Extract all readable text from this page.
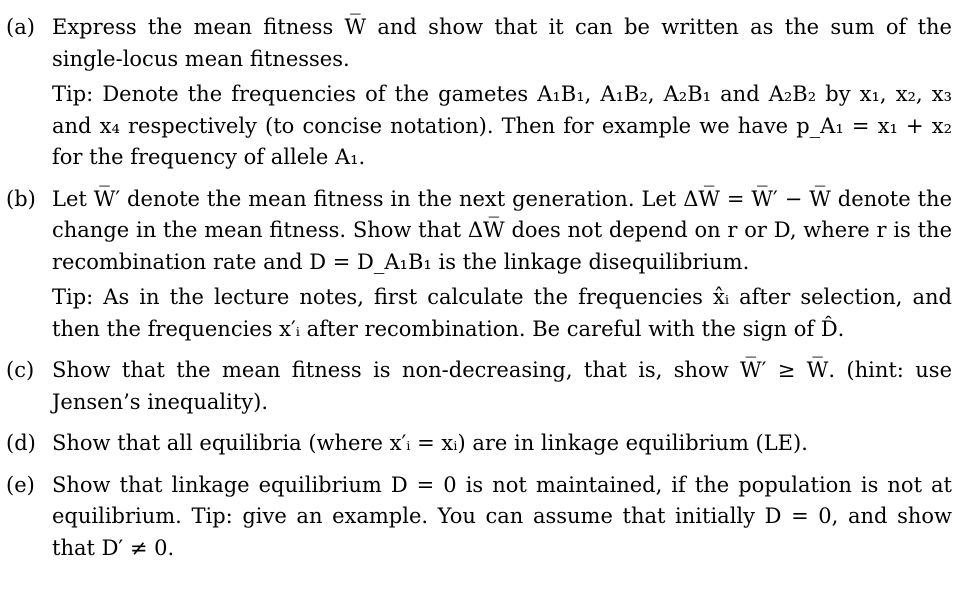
(a) Express the mean fitness W̅ and show that it can be written as the sum of the single-locus mean fitnesses.

Tip: Denote the frequencies of the gametes A₁B₁, A₁B₂, A₂B₁ and A₂B₂ by x₁, x₂, x₃ and x₄ respectively (to concise notation). Then for example we have p_A₁ = x₁ + x₂ for the frequency of allele A₁.

(b) Let W̅′ denote the mean fitness in the next generation. Let ΔW̅ = W̅′ − W̅ denote the change in the mean fitness. Show that ΔW̅ does not depend on r or D, where r is the recombination rate and D = D_A₁B₁ is the linkage disequilibrium.

Tip: As in the lecture notes, first calculate the frequencies x̂ᵢ after selection, and then the frequencies x′ᵢ after recombination. Be careful with the sign of D̂.

(c) Show that the mean fitness is non-decreasing, that is, show W̅′ ≥ W̅. (hint: use Jensen’s inequality).

(d) Show that all equilibria (where x′ᵢ = xᵢ) are in linkage equilibrium (LE).

(e) Show that linkage equilibrium D = 0 is not maintained, if the population is not at equilibrium. Tip: give an example. You can assume that initially D = 0, and show that D′ ≠ 0.
